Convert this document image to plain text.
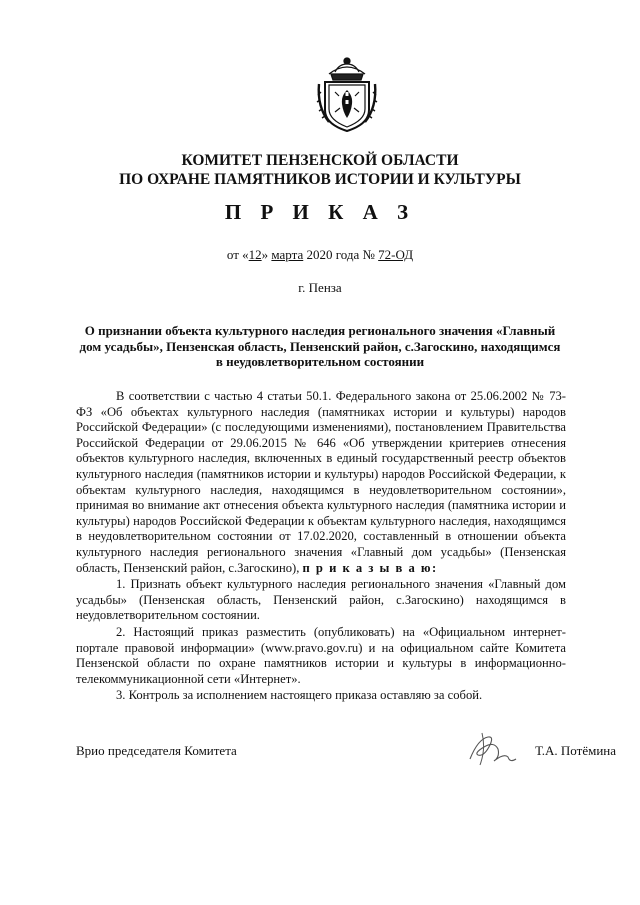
КОМИТЕТ ПЕНЗЕНСКОЙ ОБЛАСТИ
ПО ОХРАНЕ ПАМЯТНИКОВ ИСТОРИИ И КУЛЬТУРЫ
П Р И К А З
от «12» марта 2020 года № 72-ОД
г. Пенза
О признании объекта культурного наследия регионального значения «Главный дом усадьбы», Пензенская область, Пензенский район, с.Загоскино, находящимся в неудовлетворительном состоянии

В соответствии с частью 4 статьи 50.1. Федерального закона от 25.06.2002 № 73-ФЗ «Об объектах культурного наследия (памятниках истории и культуры) народов Российской Федерации» (с последующими изменениями), постановлением Правительства Российской Федерации от 29.06.2015 № 646 «Об утверждении критериев отнесения объектов культурного наследия, включенных в единый государственный реестр объектов культурного наследия (памятников истории и культуры) народов Российской Федерации, к объектам культурного наследия, находящимся в неудовлетворительном состоянии», принимая во внимание акт отнесения объекта культурного наследия (памятника истории и культуры) народов Российской Федерации к объектам культурного наследия, находящимся в неудовлетворительном состоянии от 17.02.2020, составленный в отношении объекта культурного наследия регионального значения «Главный дом усадьбы» (Пензенская область, Пензенский район, с.Загоскино), п р и к а з ы в а ю:

1. Признать объект культурного наследия регионального значения «Главный дом усадьбы» (Пензенская область, Пензенский район, с.Загоскино) находящимся в неудовлетворительном состоянии.

2. Настоящий приказ разместить (опубликовать) на «Официальном интернет-портале правовой информации» (www.pravo.gov.ru) и на официальном сайте Комитета Пензенской области по охране памятников истории и культуры в информационно-телекоммуникационной сети «Интернет».

3. Контроль за исполнением настоящего приказа оставляю за собой.

Врио председателя Комитета	Т.А. Потёмина
